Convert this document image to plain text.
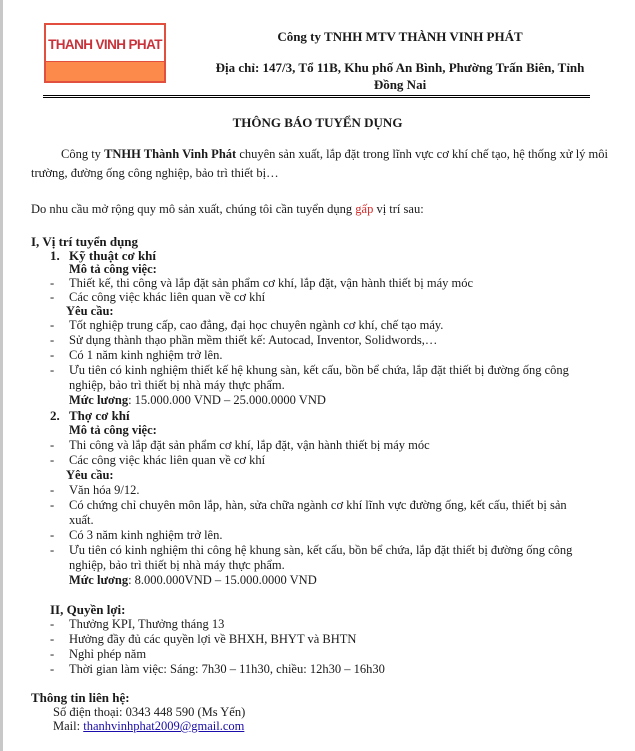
THANH VINH PHAT
Công ty TNHH MTV THÀNH VINH PHÁT
Địa chỉ: 147/3, Tổ 11B, Khu phố An Bình, Phường Trấn Biên, Tỉnh
Đồng Nai
THÔNG BÁO TUYỂN DỤNG
Công ty TNHH Thành Vinh Phát chuyên sản xuất, lắp đặt trong lĩnh vực cơ khí chế tạo, hệ thống xử lý môi trường, đường ống công nghiệp, bảo trì thiết bị…
Do nhu cầu mở rộng quy mô sản xuất, chúng tôi cần tuyển dụng gấp vị trí sau:
I, Vị trí tuyển dụng
1. Kỹ thuật cơ khí
Mô tả công việc:
- Thiết kế, thi công và lắp đặt sản phẩm cơ khí, lắp đặt, vận hành thiết bị máy móc
- Các công việc khác liên quan về cơ khí
Yêu cầu:
- Tốt nghiệp trung cấp, cao đẳng, đại học chuyên ngành cơ khí, chế tạo máy.
- Sử dụng thành thạo phần mềm thiết kế: Autocad, Inventor, Solidwords,…
- Có 1 năm kinh nghiệm trở lên.
- Ưu tiên có kinh nghiệm thiết kế hệ khung sàn, kết cấu, bồn bể chứa, lắp đặt thiết bị đường ống công
nghiệp, bảo trì thiết bị nhà máy thực phẩm.
Mức lương: 15.000.000 VND – 25.000.0000 VND
2. Thợ cơ khí
Mô tả công việc:
- Thi công và lắp đặt sản phẩm cơ khí, lắp đặt, vận hành thiết bị máy móc
- Các công việc khác liên quan về cơ khí
Yêu cầu:
- Văn hóa 9/12.
- Có chứng chỉ chuyên môn lắp, hàn, sửa chữa ngành cơ khí lĩnh vực đường ống, kết cấu, thiết bị sản
xuất.
- Có 3 năm kinh nghiệm trở lên.
- Ưu tiên có kinh nghiệm thi công hệ khung sàn, kết cấu, bồn bể chứa, lắp đặt thiết bị đường ống công
nghiệp, bảo trì thiết bị nhà máy thực phẩm.
Mức lương: 8.000.000VND – 15.000.0000 VND
II, Quyền lợi:
- Thưởng KPI, Thưởng tháng 13
- Hưởng đầy đủ các quyền lợi về BHXH, BHYT và BHTN
- Nghỉ phép năm
- Thời gian làm việc: Sáng: 7h30 – 11h30, chiều: 12h30 – 16h30
Thông tin liên hệ:
Số điện thoại: 0343 448 590 (Ms Yến)
Mail: thanhvinhphat2009@gmail.com
